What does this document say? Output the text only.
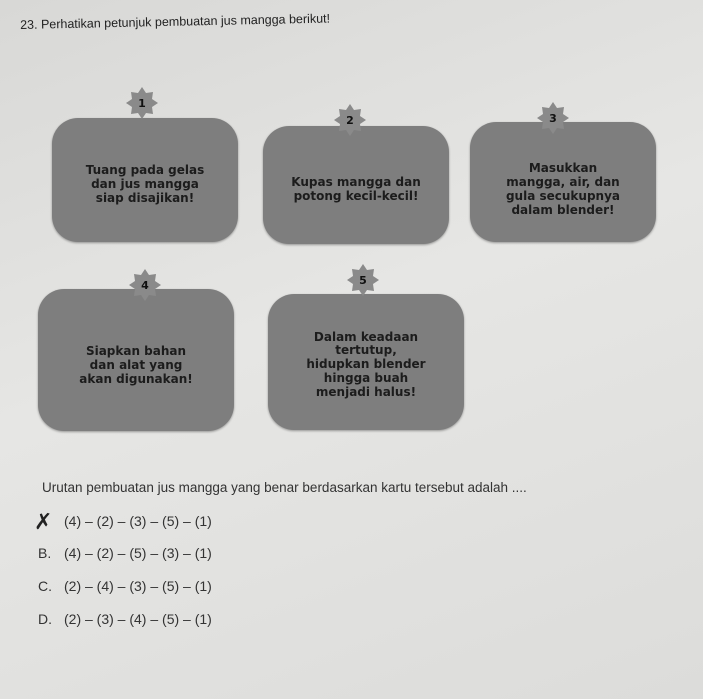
23. Perhatikan petunjuk pembuatan jus mangga berikut!
Tuang pada gelas
dan jus mangga
siap disajikan!
1
Kupas mangga dan
potong kecil-kecil!
2
Masukkan
mangga, air, dan
gula secukupnya
dalam blender!
3
Siapkan bahan
dan alat yang
akan digunakan!
4
Dalam keadaan
tertutup,
hidupkan blender
hingga buah
menjadi halus!
5
Urutan pembuatan jus mangga yang benar berdasarkan kartu tersebut adalah ....
✗ (4) – (2) – (3) – (5) – (1)
B. (4) – (2) – (5) – (3) – (1)
C. (2) – (4) – (3) – (5) – (1)
D. (2) – (3) – (4) – (5) – (1)
